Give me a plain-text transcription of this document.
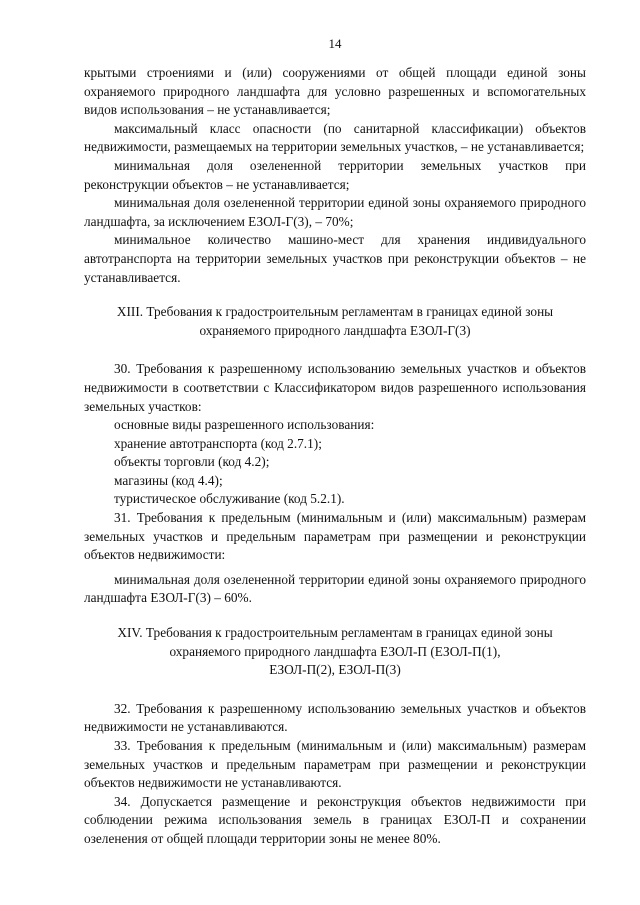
14

крытыми строениями и (или) сооружениями от общей площади единой зоны охраняемого природного ландшафта для условно разрешенных и вспомогательных видов использования – не устанавливается;

максимальный класс опасности (по санитарной классификации) объектов недвижимости, размещаемых на территории земельных участков, – не устанавливается;

минимальная доля озелененной территории земельных участков при реконструкции объектов – не устанавливается;

минимальная доля озелененной территории единой зоны охраняемого природного ландшафта, за исключением ЕЗОЛ-Г(3), – 70%;

минимальное количество машино-мест для хранения индивидуального автотранспорта на территории земельных участков при реконструкции объектов – не устанавливается.

XIII. Требования к градостроительным регламентам в границах единой зоны
охраняемого природного ландшафта ЕЗОЛ-Г(3)

30. Требования к разрешенному использованию земельных участков и объектов недвижимости в соответствии с Классификатором видов разрешенного использования земельных участков:

основные виды разрешенного использования:

хранение автотранспорта (код 2.7.1);

объекты торговли (код 4.2);

магазины (код 4.4);

туристическое обслуживание (код 5.2.1).

31. Требования к предельным (минимальным и (или) максимальным) размерам земельных участков и предельным параметрам при размещении и реконструкции объектов недвижимости:

минимальная доля озелененной территории единой зоны охраняемого природного ландшафта ЕЗОЛ-Г(3) – 60%.

XIV. Требования к градостроительным регламентам в границах единой зоны
охраняемого природного ландшафта ЕЗОЛ-П (ЕЗОЛ-П(1),
ЕЗОЛ-П(2), ЕЗОЛ-П(3)

32. Требования к разрешенному использованию земельных участков и объектов недвижимости не устанавливаются.

33. Требования к предельным (минимальным и (или) максимальным) размерам земельных участков и предельным параметрам при размещении и реконструкции объектов недвижимости не устанавливаются.

34. Допускается размещение и реконструкция объектов недвижимости при соблюдении режима использования земель в границах ЕЗОЛ-П и сохранении озеленения от общей площади территории зоны не менее 80%.
